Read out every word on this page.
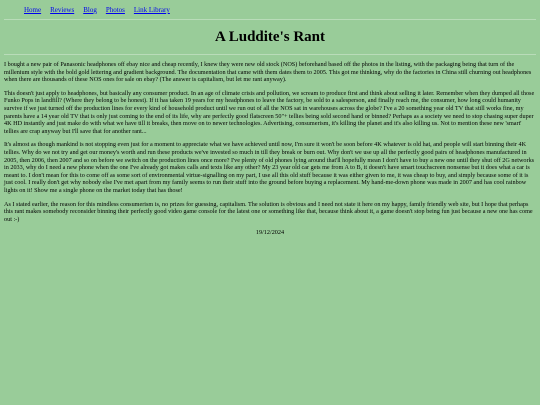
Home Reviews Blog Photos Link Library
A Luddite's Rant

I bought a new pair of Panasonic headphones off ebay nice and cheap recently, I knew they were new old stock (NOS) beforehand based off the photos in the listing, with the packaging being that turn of the millenium style with the bold gold lettering and gradient background. The documentation that came with them dates them to 2005. This got me thinking, why do the factories in China still churning out headphones when there are thousands of these NOS ones for sale on ebay? (The answer is capitalism, but let me rant anyway).

This doesn't just apply to headphones, but basically any consumer product. In an age of climate crisis and pollution, we scream to produce first and think about selling it later. Remember when they dumped all those Funko Pops in landfill? (Where they belong to be honest). If it has taken 19 years for my headphones to leave the factory, be sold to a salesperson, and finally reach me, the consumer, how long could humanity survive if we just turned off the production lines for every kind of household product until we run out of all the NOS sat in warehouses across the globe? I've a 20 something year old TV that still works fine, my parents have a 14 year old TV that is only just coming to the end of its life, why are perfectly good flatscreen 50"+ tellies being sold second hand or binned? Perhaps as a society we need to stop chasing super duper 4K HD instantly and just make do with what we have till it breaks, then move on to newer technologies. Advertising, consumerism, it's killing the planet and it's also killing us. Not to mention these new 'smart' tellies are crap anyway but I'll save that for another rant...

It's almost as though mankind is not stopping even just for a moment to appreciate what we have achieved until now, I'm sure it won't be soon before 4K whatever is old hat, and people will start binning their 4K tellies. Why do we not try and get our money's worth and run these products we've invested so much in till they break or burn out. Why don't we use up all the perfectly good pairs of headphones manufactured in 2005, then 2006, then 2007 and so on before we switch on the production lines once more? I've plenty of old phones lying around that'll hopefully mean I don't have to buy a new one until they shut off 2G networks in 2033, why do I need a new phone when the one I've already got makes calls and texts like any other? My 23 year old car gets me from A to B, it doesn't have smart touchscreen nonsense but it does what a car is meant to. I don't mean for this to come off as some sort of environmental virtue-signalling on my part, I use all this old stuff because it was either given to me, it was cheap to buy, and simply because some of it is just cool. I really don't get why nobody else I've met apart from my family seems to run their stuff into the ground before buying a replacement. My hand-me-down phone was made in 2007 and has cool rainbow lights on it! Show me a single phone on the market today that has those!

As I stated earlier, the reason for this mindless consumerism is, no prizes for guessing, capitalism. The solution is obvious and I need not state it here on my happy, family friendly web site, but I hope that perhaps this rant makes somebody reconsider binning their perfectly good video game console for the latest one or something like that, because think about it, a game doesn't stop being fun just because a new one has come out :-)

19/12/2024
